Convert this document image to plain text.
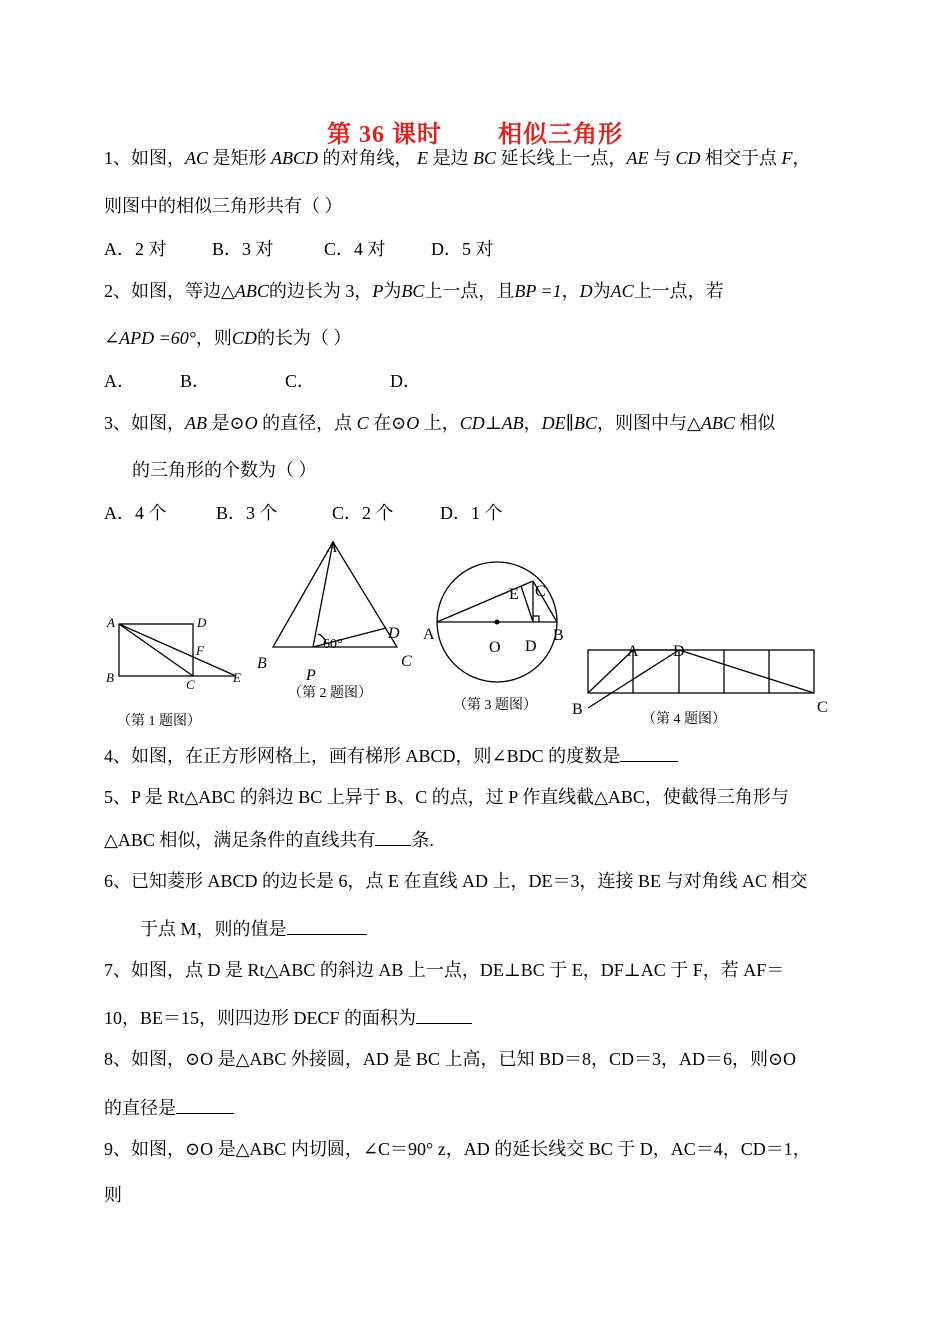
第 36 课时        相似三角形
1、如图，AC 是矩形 ABCD 的对角线， E 是边 BC 延长线上一点，AE 与 CD 相交于点 F，
则图中的相似三角形共有（ ）
A．2 对	B．3 对	C．4 对	D．5 对
2、如图，等边△ABC的边长为 3，P为BC上一点，且BP =1，D为AC上一点，若
∠APD =60°，则CD的长为（ ）
A．	B．	C．	D．
3、如图，AB 是⊙O 的直径，点 C 在⊙O 上，CD⊥AB，DE∥BC，则图中与△ABC 相似
的三角形的个数为（ ）
A．4 个	B．3 个	C．2 个	D．1 个
A	D
F
B	C	E
（第 1 题图）
A
D
60°
B
P
C
（第 2 题图）
E C
A
O D
B
（第 3 题图）
A D
B	C
（第 4 题图）
4、如图，在正方形网格上，画有梯形 ABCD，则∠BDC 的度数是
5、P 是 Rt△ABC 的斜边 BC 上异于 B、C 的点，过 P 作直线截△ABC，使截得三角形与
△ABC 相似，满足条件的直线共有 条.
6、已知菱形 ABCD 的边长是 6，点 E 在直线 AD 上，DE＝3，连接 BE 与对角线 AC 相交
于点 M，则的值是
7、如图，点 D 是 Rt△ABC 的斜边 AB 上一点，DE⊥BC 于 E，DF⊥AC 于 F，若 AF＝
10，BE＝15，则四边形 DECF 的面积为
8、如图，⊙O 是△ABC 外接圆，AD 是 BC 上高，已知 BD＝8，CD＝3，AD＝6，则⊙O
的直径是
9、如图，⊙O 是△ABC 内切圆，∠C＝90° z，AD 的延长线交 BC 于 D，AC＝4，CD＝1，
则
